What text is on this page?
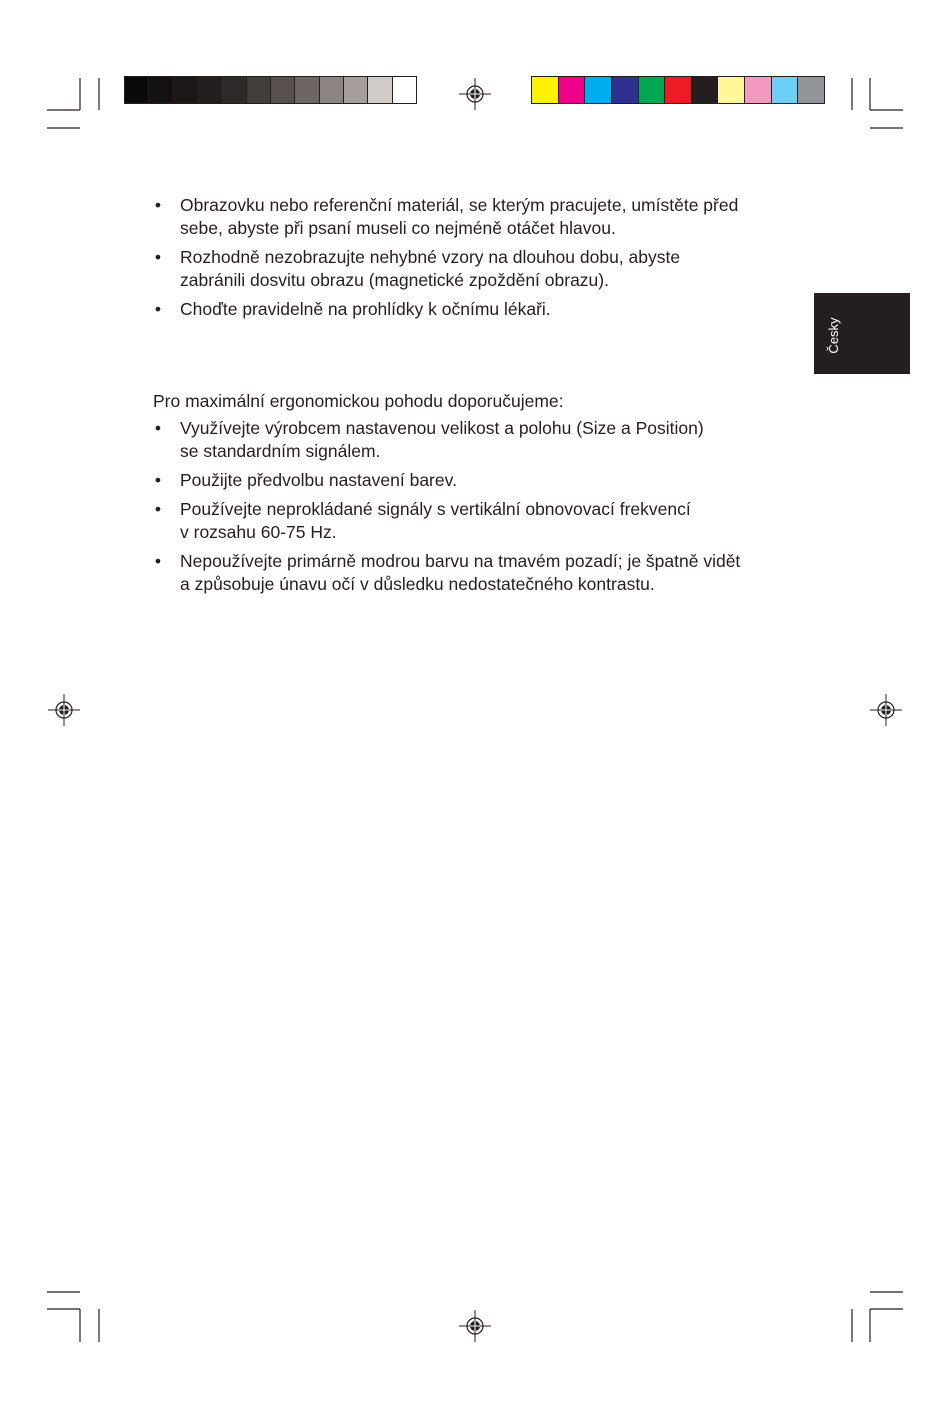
Česky
• Obrazovku nebo referenční materiál, se kterým pracujete, umístěte před
sebe, abyste při psaní museli co nejméně otáčet hlavou.
• Rozhodně nezobrazujte nehybné vzory na dlouhou dobu, abyste
zabránili dosvitu obrazu (magnetické zpoždění obrazu).
• Choďte pravidelně na prohlídky k očnímu lékaři.

Pro maximální ergonomickou pohodu doporučujeme:

• Využívejte výrobcem nastavenou velikost a polohu (Size a Position)
se standardním signálem.
• Použijte předvolbu nastavení barev.
• Používejte neprokládané signály s vertikální obnovovací frekvencí
v rozsahu 60-75 Hz.
• Nepoužívejte primárně modrou barvu na tmavém pozadí; je špatně vidět
a způsobuje únavu očí v důsledku nedostatečného kontrastu.
